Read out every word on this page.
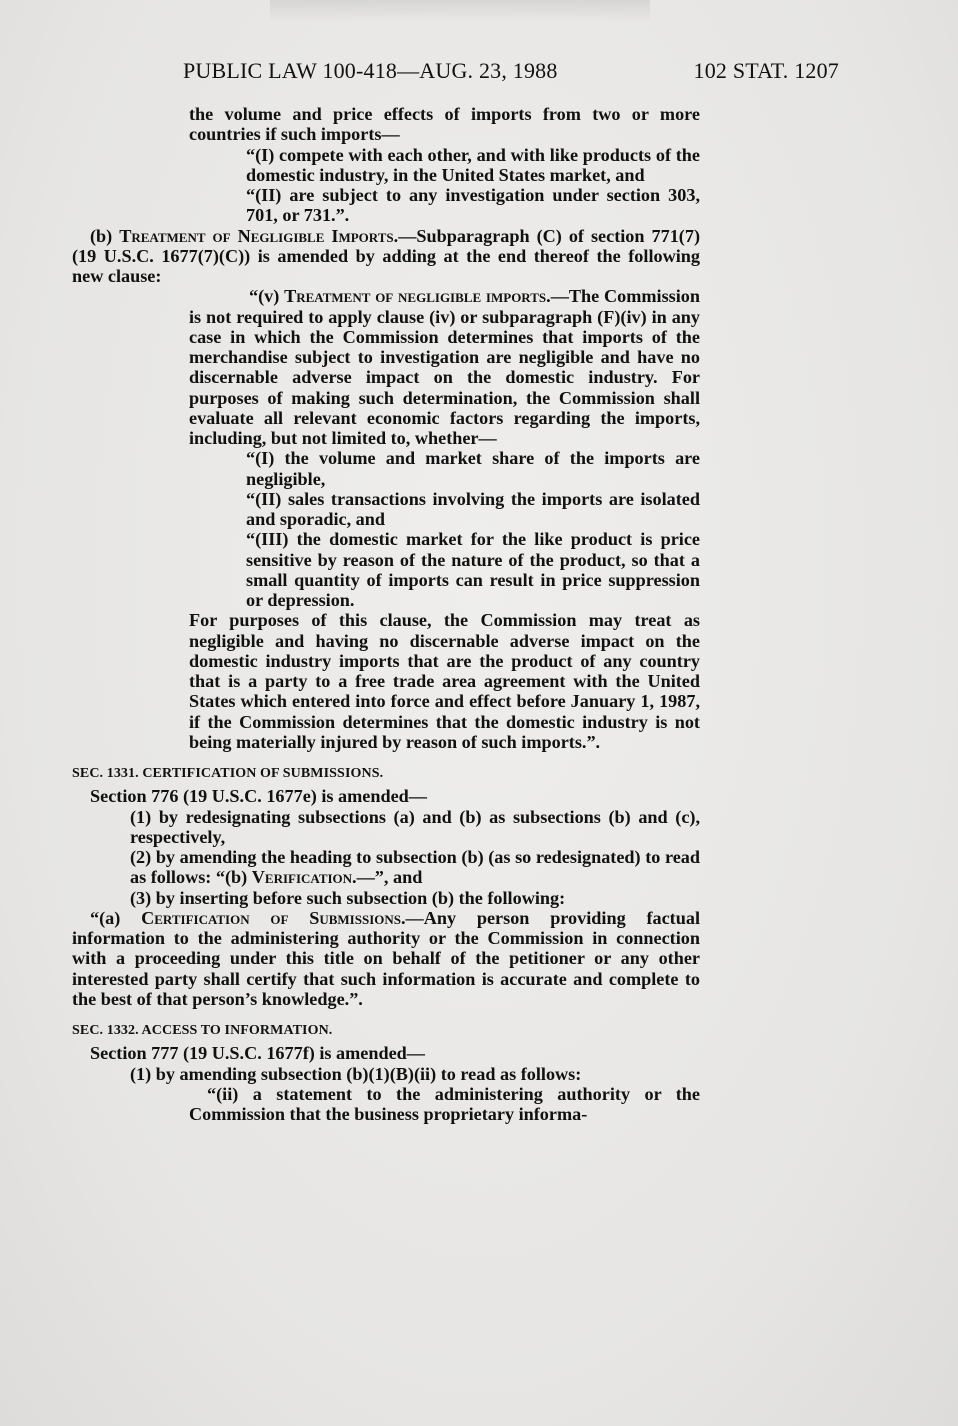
PUBLIC LAW 100-418—AUG. 23, 1988	102 STAT. 1207

the volume and price effects of imports from two or more countries if such imports—

“(I) compete with each other, and with like products of the domestic industry, in the United States market, and

“(II) are subject to any investigation under section 303, 701, or 731.”.

(b) Treatment of Negligible Imports.—Subparagraph (C) of section 771(7) (19 U.S.C. 1677(7)(C)) is amended by adding at the end thereof the following new clause:

“(v) Treatment of negligible imports.—The Commission is not required to apply clause (iv) or subparagraph (F)(iv) in any case in which the Commission determines that imports of the merchandise subject to investigation are negligible and have no discernable adverse impact on the domestic industry. For purposes of making such determination, the Commission shall evaluate all relevant economic factors regarding the imports, including, but not limited to, whether—

“(I) the volume and market share of the imports are negligible,

“(II) sales transactions involving the imports are isolated and sporadic, and

“(III) the domestic market for the like product is price sensitive by reason of the nature of the product, so that a small quantity of imports can result in price suppression or depression.

For purposes of this clause, the Commission may treat as negligible and having no discernable adverse impact on the domestic industry imports that are the product of any country that is a party to a free trade area agreement with the United States which entered into force and effect before January 1, 1987, if the Commission determines that the domestic industry is not being materially injured by reason of such imports.”.

SEC. 1331. CERTIFICATION OF SUBMISSIONS.

Section 776 (19 U.S.C. 1677e) is amended—

(1) by redesignating subsections (a) and (b) as subsections (b) and (c), respectively,

(2) by amending the heading to subsection (b) (as so redesignated) to read as follows: “(b) Verification.—”, and

(3) by inserting before such subsection (b) the following:

“(a) Certification of Submissions.—Any person providing factual information to the administering authority or the Commission in connection with a proceeding under this title on behalf of the petitioner or any other interested party shall certify that such information is accurate and complete to the best of that person’s knowledge.”.

SEC. 1332. ACCESS TO INFORMATION.

Section 777 (19 U.S.C. 1677f) is amended—

(1) by amending subsection (b)(1)(B)(ii) to read as follows:

“(ii) a statement to the administering authority or the Commission that the business proprietary informa-
